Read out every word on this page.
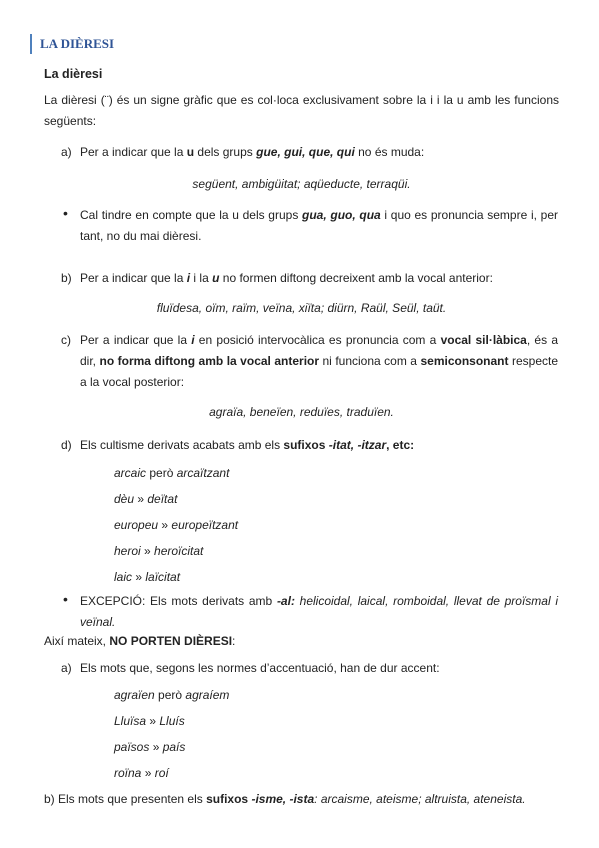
LA DIÈRESI
La dièresi
La dièresi (¨) és un signe gràfic que es col·loca exclusivament sobre la i i la u amb les funcions següents:
a) Per a indicar que la u dels grups gue, gui, que, qui no és muda:
següent, ambigüitat; aqüeducte, terraqüi.
• Cal tindre en compte que la u dels grups gua, guo, qua i quo es pronuncia sempre i, per tant, no du mai dièresi.
b) Per a indicar que la i i la u no formen diftong decreixent amb la vocal anterior:
fluïdesa, oïm, raïm, veïna, xiïta; diürn, Raül, Seül, taüt.
c) Per a indicar que la i en posició intervocàlica es pronuncia com a vocal sil·làbica, és a dir, no forma diftong amb la vocal anterior ni funciona com a semiconsonant respecte a la vocal posterior:
agraïa, beneïen, reduïes, traduïen.
d) Els cultisme derivats acabats amb els sufixos -itat, -itzar, etc:
arcaic però arcaïtzant
dèu » deïtat
europeu » europeïtzant
heroi » heroïcitat
laic » laïcitat
• EXCEPCIÓ: Els mots derivats amb -al: helicoidal, laical, romboidal, llevat de proïsmal i veïnal.
Així mateix, NO PORTEN DIÈRESI:
a) Els mots que, segons les normes d’accentuació, han de dur accent:
agraïen però agraíem
Lluïsa » Lluís
països » país
roïna » roí
b) Els mots que presenten els sufixos -isme, -ista: arcaisme, ateisme; altruista, ateneista.
